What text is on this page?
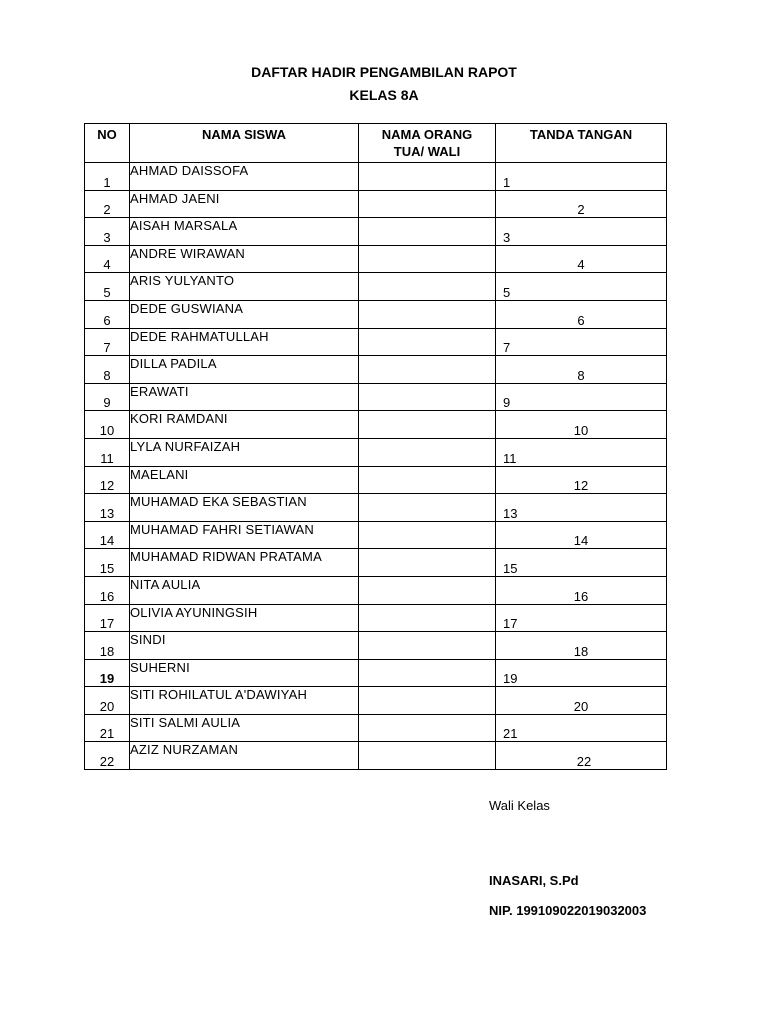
DAFTAR HADIR PENGAMBILAN RAPOT
KELAS 8A
NO	NAMA SISWA	NAMA ORANG TUA/ WALI	TANDA TANGAN
1	AHMAD DAISSOFA		1
2	AHMAD JAENI		2
3	AISAH MARSALA		3
4	ANDRE WIRAWAN		4
5	ARIS YULYANTO		5
6	DEDE GUSWIANA		6
7	DEDE RAHMATULLAH		7
8	DILLA PADILA		8
9	ERAWATI		9
10	KORI RAMDANI		10
11	LYLA NURFAIZAH		11
12	MAELANI		12
13	MUHAMAD EKA SEBASTIAN		13
14	MUHAMAD FAHRI SETIAWAN		14
15	MUHAMAD RIDWAN PRATAMA		15
16	NITA AULIA		16
17	OLIVIA AYUNINGSIH		17
18	SINDI		18
19	SUHERNI		19
20	SITI ROHILATUL A'DAWIYAH		20
21	SITI SALMI AULIA		21
22	AZIZ NURZAMAN		22
Wali Kelas
INASARI, S.Pd
NIP. 199109022019032003
